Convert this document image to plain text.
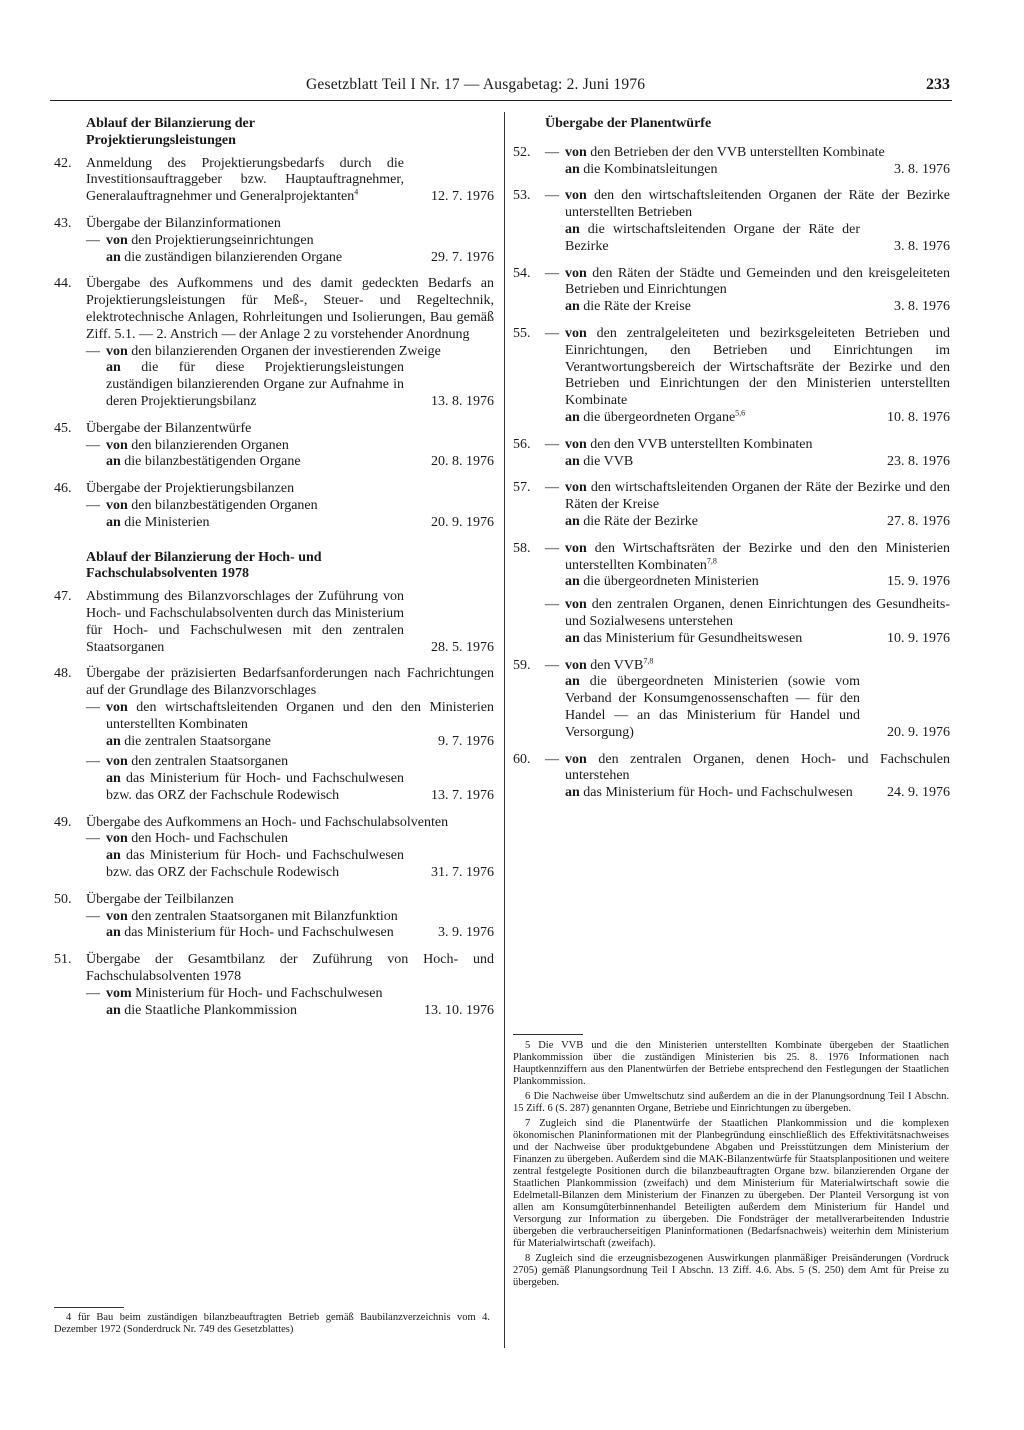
Gesetzblatt Teil I Nr. 17 — Ausgabetag: 2. Juni 1976	233
Ablauf der Bilanzierung der Projektierungsleistungen
42. Anmeldung des Projektierungsbedarfs durch die Investitionsauftraggeber bzw. Hauptauftragnehmer, Generalauftragnehmer und Generalprojektanten$^4$	12. 7. 1976
43. Übergabe der Bilanzinformationen
— von den Projektierungseinrichtungen
an die zuständigen bilanzierenden Organe	29. 7. 1976
44. Übergabe des Aufkommens und des damit gedeckten Bedarfs an Projektierungsleistungen für Meß-, Steuer- und Regeltechnik, elektrotechnische Anlagen, Rohrleitungen und Isolierungen, Bau gemäß Ziff. 5.1. — 2. Anstrich — der Anlage 2 zu vorstehender Anordnung
— von den bilanzierenden Organen der investierenden Zweige
an die für diese Projektierungsleistungen zuständigen bilanzierenden Organe zur Aufnahme in deren Projektierungsbilanz	13. 8. 1976
45. Übergabe der Bilanzentwürfe
— von den bilanzierenden Organen
an die bilanzbestätigenden Organe	20. 8. 1976
46. Übergabe der Projektierungsbilanzen
— von den bilanzbestätigenden Organen
an die Ministerien	20. 9. 1976
Ablauf der Bilanzierung der Hoch- und Fachschulabsolventen 1978
47. Abstimmung des Bilanzvorschlages der Zuführung von Hoch- und Fachschulabsolventen durch das Ministerium für Hoch- und Fachschulwesen mit den zentralen Staatsorganen	28. 5. 1976
48. Übergabe der präzisierten Bedarfsanforderungen nach Fachrichtungen auf der Grundlage des Bilanzvorschlages
— von den wirtschaftsleitenden Organen und den den Ministerien unterstellten Kombinaten
an die zentralen Staatsorgane	9. 7. 1976
— von den zentralen Staatsorganen
an das Ministerium für Hoch- und Fachschulwesen bzw. das ORZ der Fachschule Rodewisch	13. 7. 1976
49. Übergabe des Aufkommens an Hoch- und Fachschulabsolventen
— von den Hoch- und Fachschulen
an das Ministerium für Hoch- und Fachschulwesen bzw. das ORZ der Fachschule Rodewisch	31. 7. 1976
50. Übergabe der Teilbilanzen
— von den zentralen Staatsorganen mit Bilanzfunktion
an das Ministerium für Hoch- und Fachschulwesen	3. 9. 1976
51. Übergabe der Gesamtbilanz der Zuführung von Hoch- und Fachschulabsolventen 1978
— vom Ministerium für Hoch- und Fachschulwesen
an die Staatliche Plankommission	13. 10. 1976

4 für Bau beim zuständigen bilanzbeauftragten Betrieb gemäß Baubilanzverzeichnis vom 4. Dezember 1972 (Sonderdruck Nr. 749 des Gesetzblattes)

Übergabe der Planentwürfe
52. — von den Betrieben der den VVB unterstellten Kombinate
an die Kombinatsleitungen	3. 8. 1976
53. — von den den wirtschaftsleitenden Organen der Räte der Bezirke unterstellten Betrieben
an die wirtschaftsleitenden Organe der Räte der Bezirke	3. 8. 1976
54. — von den Räten der Städte und Gemeinden und den kreisgeleiteten Betrieben und Einrichtungen
an die Räte der Kreise	3. 8. 1976
55. — von den zentralgeleiteten und bezirksgeleiteten Betrieben und Einrichtungen, den Betrieben und Einrichtungen im Verantwortungsbereich der Wirtschaftsräte der Bezirke und den Betrieben und Einrichtungen der den Ministerien unterstellten Kombinate
an die übergeordneten Organe$^{5,6}$	10. 8. 1976
56. — von den den VVB unterstellten Kombinaten
an die VVB	23. 8. 1976
57. — von den wirtschaftsleitenden Organen der Räte der Bezirke und den Räten der Kreise
an die Räte der Bezirke	27. 8. 1976
58. — von den Wirtschaftsräten der Bezirke und den den Ministerien unterstellten Kombinaten$^{7,8}$
an die übergeordneten Ministerien	15. 9. 1976
— von den zentralen Organen, denen Einrichtungen des Gesundheits- und Sozialwesens unterstehen
an das Ministerium für Gesundheitswesen	10. 9. 1976
59. — von den VVB$^{7,8}$
an die übergeordneten Ministerien (sowie vom Verband der Konsumgenossenschaften — für den Handel — an das Ministerium für Handel und Versorgung)	20. 9. 1976
60. — von den zentralen Organen, denen Hoch- und Fachschulen unterstehen
an das Ministerium für Hoch- und Fachschulwesen 24. 9. 1976

5 Die VVB und die den Ministerien unterstellten Kombinate übergeben der Staatlichen Plankommission über die zuständigen Ministerien bis 25. 8. 1976 Informationen nach Hauptkennziffern aus den Planentwürfen der Betriebe entsprechend den Festlegungen der Staatlichen Plankommission.

6 Die Nachweise über Umweltschutz sind außerdem an die in der Planungsordnung Teil I Abschn. 15 Ziff. 6 (S. 287) genannten Organe, Betriebe und Einrichtungen zu übergeben.

7 Zugleich sind die Planentwürfe der Staatlichen Plankommission und die komplexen ökonomischen Planinformationen mit der Planbegründung einschließlich des Effektivitätsnachweises und der Nachweise über produktgebundene Abgaben und Preisstützungen dem Ministerium der Finanzen zu übergeben. Außerdem sind die MAK-Bilanzentwürfe für Staatsplanpositionen und weitere zentral festgelegte Positionen durch die bilanzbeauftragten Organe bzw. bilanzierenden Organe der Staatlichen Plankommission (zweifach) und dem Ministerium für Materialwirtschaft sowie die Edelmetall-Bilanzen dem Ministerium der Finanzen zu übergeben. Der Planteil Versorgung ist von allen am Konsumgüterbinnenhandel Beteiligten außerdem dem Ministerium für Handel und Versorgung zur Information zu übergeben. Die Fondsträger der metallverarbeitenden Industrie übergeben die verbraucherseitigen Planinformationen (Bedarfsnachweis) weiterhin dem Ministerium für Materialwirtschaft (zweifach).

8 Zugleich sind die erzeugnisbezogenen Auswirkungen planmäßiger Preisänderungen (Vordruck 2705) gemäß Planungsordnung Teil I Abschn. 13 Ziff. 4.6. Abs. 5 (S. 250) dem Amt für Preise zu übergeben.
